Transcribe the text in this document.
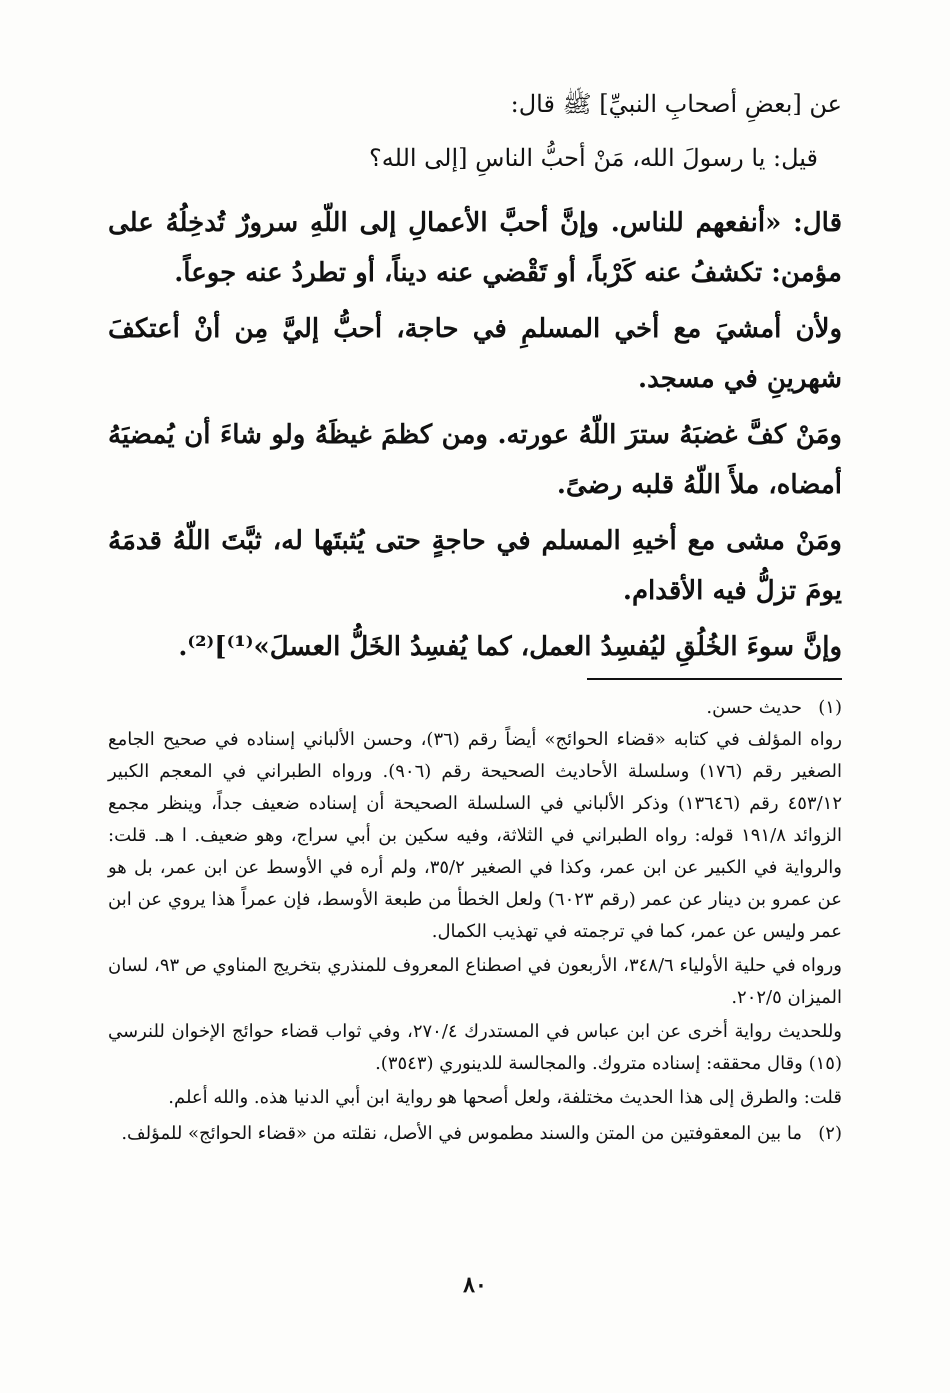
عن [بعضِ أصحابِ النبيِّ] ﷺ قال:

قيل: يا رسولَ الله، مَنْ أحبُّ الناسِ [إلى الله؟

قال: «أنفعهم للناس. وإنَّ أحبَّ الأعمالِ إلى اللّهِ سرورٌ تُدخِلُهُ على مؤمن: تكشفُ عنه كَرْباً، أو تَقْضي عنه ديناً، أو تطردُ عنه جوعاً.

ولأن أمشيَ مع أخي المسلمِ في حاجة، أحبُّ إليَّ مِن أنْ أعتكفَ شهرينِ في مسجد.

ومَنْ كفَّ غضبَهُ سترَ اللّهُ عورته. ومن كظمَ غيظَهُ ولو شاءَ أن يُمضيَهُ أمضاه، ملأَ اللّهُ قلبه رضىً.

ومَنْ مشى مع أخيهِ المسلم في حاجةٍ حتى يُثبتَها له، ثبَّتَ اللّهُ قدمَهُ يومَ تزلُّ فيه الأقدام.

وإنَّ سوءَ الخُلُقِ ليُفسِدُ العمل، كما يُفسِدُ الخَلُّ العسلَ»⁽¹⁾]⁽²⁾.

(١)
حديث حسن.

رواه المؤلف في كتابه «قضاء الحوائج» أيضاً رقم (٣٦)، وحسن الألباني إسناده في صحيح الجامع الصغير رقم (١٧٦) وسلسلة الأحاديث الصحيحة رقم (٩٠٦). ورواه الطبراني في المعجم الكبير ٤٥٣/١٢ رقم (١٣٦٤٦) وذكر الألباني في السلسلة الصحيحة أن إسناده ضعيف جداً، وينظر مجمع الزوائد ١٩١/٨ قوله: رواه الطبراني في الثلاثة، وفيه سكين بن أبي سراج، وهو ضعيف. ا هـ. قلت: والرواية في الكبير عن ابن عمر، وكذا في الصغير ٣٥/٢، ولم أره في الأوسط عن ابن عمر، بل هو عن عمرو بن دينار عن عمر (رقم ٦٠٢٣) ولعل الخطأ من طبعة الأوسط، فإن عمراً هذا يروي عن ابن عمر وليس عن عمر، كما في ترجمته في تهذيب الكمال.

ورواه في حلية الأولياء ٣٤٨/٦، الأربعون في اصطناع المعروف للمنذري بتخريج المناوي ص ٩٣، لسان الميزان ٢٠٢/٥.

وللحديث رواية أخرى عن ابن عباس في المستدرك ٢٧٠/٤، وفي ثواب قضاء حوائج الإخوان للنرسي (١٥) وقال محققه: إسناده متروك. والمجالسة للدينوري (٣٥٤٣).

قلت: والطرق إلى هذا الحديث مختلفة، ولعل أصحها هو رواية ابن أبي الدنيا هذه. والله أعلم.

(٢)
ما بين المعقوفتين من المتن والسند مطموس في الأصل، نقلته من «قضاء الحوائج» للمؤلف.
٨٠
